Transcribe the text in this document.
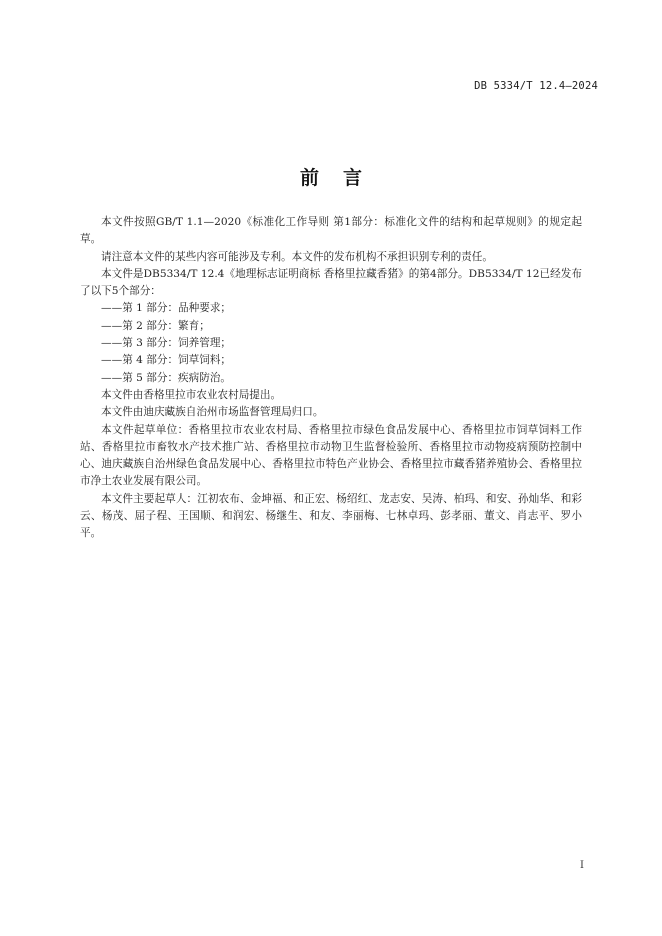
DB 5334/T 12.4—2024
前言

本文件按照GB/T 1.1—2020《标准化工作导则 第1部分：标准化文件的结构和起草规则》的规定起草。

请注意本文件的某些内容可能涉及专利。本文件的发布机构不承担识别专利的责任。

本文件是DB5334/T 12.4《地理标志证明商标 香格里拉藏香猪》的第4部分。DB5334/T 12已经发布了以下5个部分：

——第 1 部分：品种要求；

——第 2 部分：繁育；

——第 3 部分：饲养管理；

——第 4 部分：饲草饲料；

——第 5 部分：疾病防治。

本文件由香格里拉市农业农村局提出。

本文件由迪庆藏族自治州市场监督管理局归口。

本文件起草单位：香格里拉市农业农村局、香格里拉市绿色食品发展中心、香格里拉市饲草饲料工作站、香格里拉市畜牧水产技术推广站、香格里拉市动物卫生监督检验所、香格里拉市动物疫病预防控制中心、迪庆藏族自治州绿色食品发展中心、香格里拉市特色产业协会、香格里拉市藏香猪养殖协会、香格里拉市净土农业发展有限公司。

本文件主要起草人：江初农布、金坤福、和正宏、杨绍红、龙志安、吴涛、柏玛、和安、孙灿华、和彩云、杨茂、屈子程、王国顺、和润宏、杨继生、和友、李丽梅、七林卓玛、彭孝丽、董文、肖志平、罗小平。

I
